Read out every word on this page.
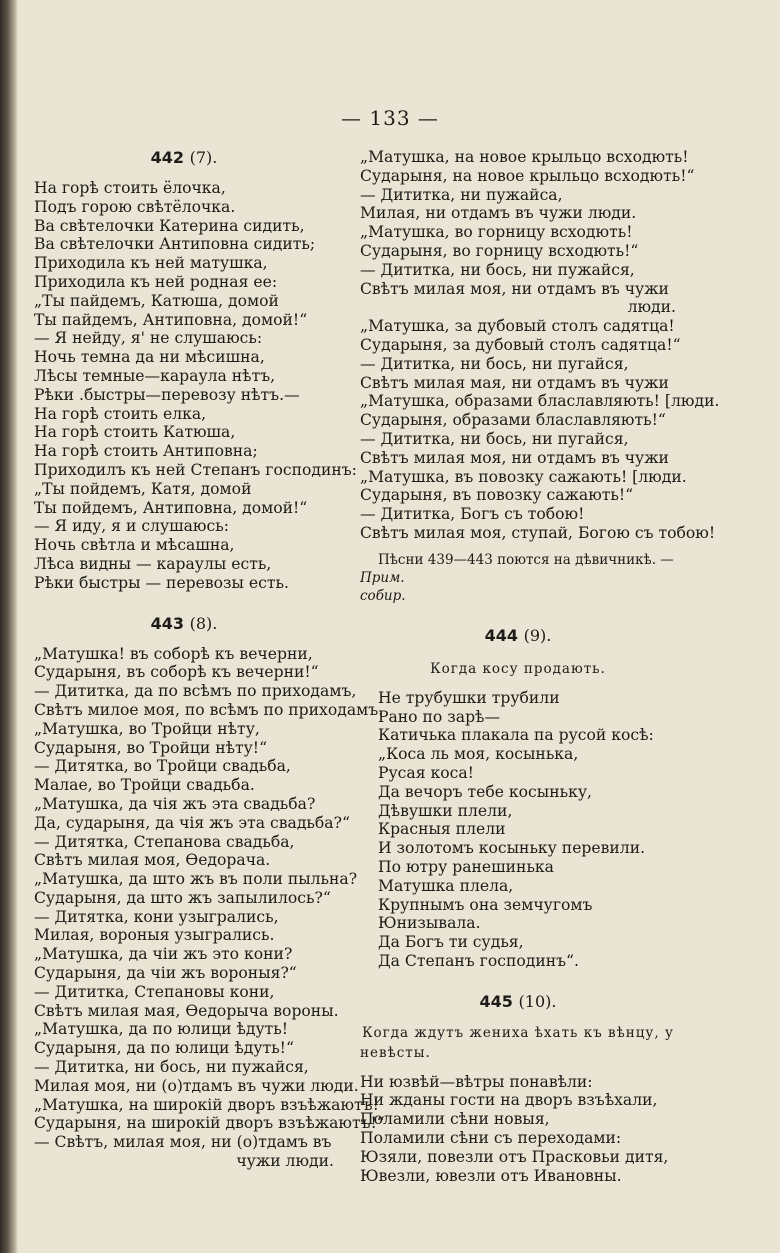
— 133 —
442 (7).
На горѣ стоить ёлочка,
Подъ горою свѣтёлочка.
Ва свѣтелочки Катерина сидить,
Ва свѣтелочки Антиповна сидить;
Приходила къ ней матушка,
Приходила къ ней родная ее:
„Ты пайдемъ, Катюша, домой
Ты пайдемъ, Антиповна, домой!“
— Я нейду, я' не слушаюсь:
Ночь темна да ни мѣсишна,
Лѣсы темные—караула нѣтъ,
Рѣки .быстры—перевозу нѣтъ.—
На горѣ стоить елка,
На горѣ стоить Катюша,
На горѣ стоить Антиповна;
Приходилъ къ ней Степанъ господинъ:
„Ты пойдемъ, Катя, домой
Ты пойдемъ, Антиповна, домой!“
— Я иду, я и слушаюсь:
Ночь свѣтла и мѣсашна,
Лѣса видны — караулы есть,
Рѣки быстры — перевозы есть.
443 (8).
„Матушка! въ соборѣ къ вечерни,
Сударыня, въ соборѣ къ вечерни!“
— Дититка, да по всѣмъ по приходамъ,
Свѣтъ милое моя, по всѣмъ по приходамъ.
„Матушка, во Тройци нѣту,
Сударыня, во Тройци нѣту!“
— Дитятка, во Тройци свадьба,
Малае, во Тройци свадьба.
„Матушка, да чiя жъ эта свадьба?
Да, сударыня, да чiя жъ эта свадьба?“
— Дитятка, Степанова свадьба,
Свѣтъ милая моя, Өедорача.
„Матушка, да што жъ въ поли пыльна?
Сударыня, да што жъ запылилось?“
— Дитятка, кони узыгрались,
Милая, вороныя узыгрались.
„Матушка, да чiи жъ это кони?
Сударыня, да чiи жъ вороныя?“
— Дититка, Степановы кони,
Свѣтъ милая мая, Өедорыча вороны.
„Матушка, да по юлици ѣдуть!
Сударыня, да по юлици ѣдуть!“
— Дититка, ни бось, ни пужайся,
Милая моя, ни (о)тдамъ въ чужи люди.
„Матушка, на широкiй дворъ взъѣжаютъ!
Сударыня, на широкiй дворъ взъѣжаютъ!“
— Свѣтъ, милая моя, ни (о)тдамъ въ
чужи люди.
„Матушка, на новое крыльцо всходють!
Сударыня, на новое крыльцо всходють!“
— Дититка, ни пужайса,
Милая, ни отдамъ въ чужи люди.
„Матушка, во горницу вcходють!
Сударыня, во горницу вcходють!“
— Дититка, ни бось, ни пужайся,
Свѣтъ милая моя, ни отдамъ въ чужи
люди.
„Матушка, за дубовый столъ садятца!
Сударыня, за дубовый столъ садятца!“
— Дититка, ни бось, ни пугайся,
Свѣтъ милая мая, ни отдамъ въ чужи
„Матушка, образами блаславляють! [люди.
Сударыня, образами блаславляють!“
— Дититка, ни бось, ни пугайся,
Свѣтъ милая моя, ни отдамъ въ чужи
„Матушка, въ повозку сажають! [люди.
Сударыня, въ повозку сажають!“
— Дититка, Богъ съ тобою!
Свѣтъ милая моя, ступай, Богою съ тобою!
Пѣсни 439—443 поются на дѣвичникѣ. — Прим.
собир.
444 (9).
Когда косу продають.
Не трубушки трубили
Рано по зарѣ—
Катичька плакала па русой косѣ:
„Коса ль моя, косынька,
Русая коса!
Да вечоръ тебе косыньку,
Дѣвушки плели,
Красныя плели
И золотомъ косыньку перевили.
По ютру ранешинька
Матушка плела,
Крупнымъ она земчугомъ
Юнизывала.
Да Богъ ти судья,
Да Степанъ господинъ“.
445 (10).
Когда ждутъ жениха ѣхать къ вѣнцу, у
невѣсты.
Ни юзвѣй—вѣтры понавѣли:
Ни жданы гости на дворъ взъѣхали,
Поламили сѣни новыя,
Поламили сѣни съ переходами:
Юзяли, повезли отъ Прасковьи дитя,
Ювезли, ювезли отъ Ивановны.
